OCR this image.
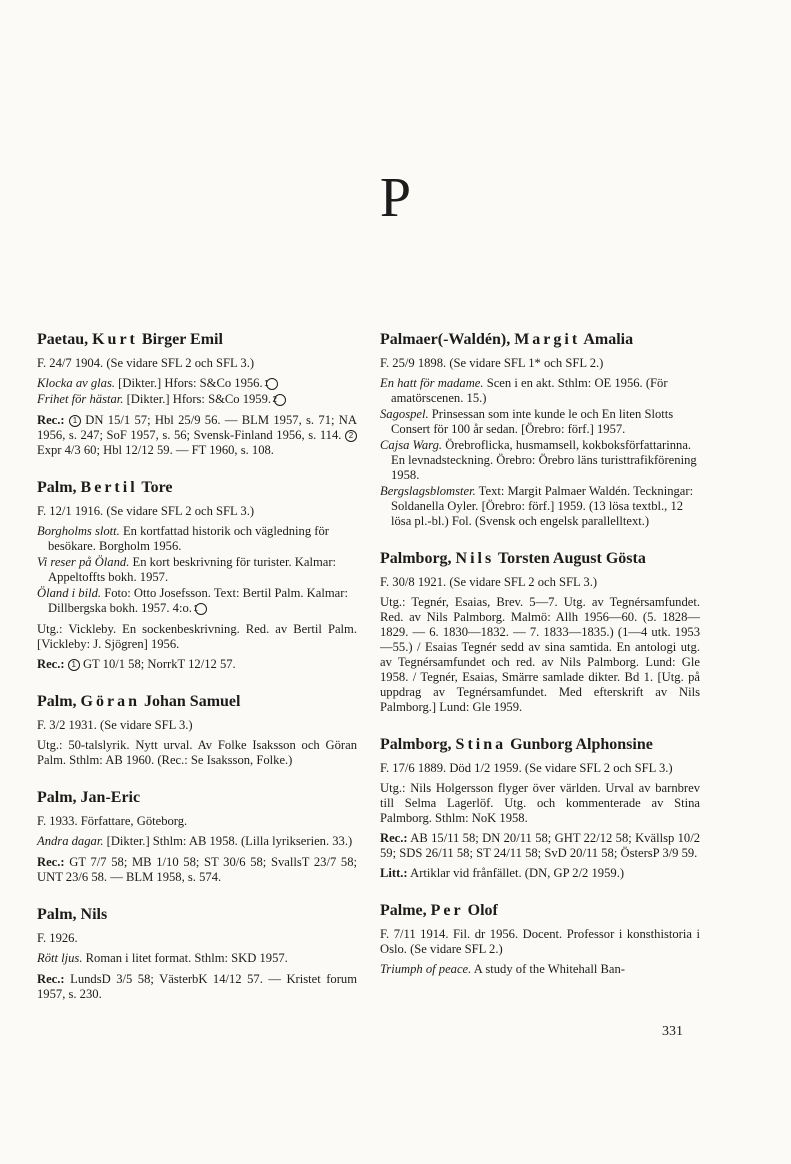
P
Paetau, Kurt Birger Emil

F. 24/7 1904. (Se vidare SFL 2 och SFL 3.)

Klocka av glas. [Dikter.] Hfors: S&Co 1956. 1
Frihet för hästar. [Dikter.] Hfors: S&Co 1959. 2

Rec.: 1 DN 15/1 57; Hbl 25/9 56. — BLM 1957, s. 71; NA 1956, s. 247; SoF 1957, s. 56; Svensk-Finland 1956, s. 114. 2 Expr 4/3 60; Hbl 12/12 59. — FT 1960, s. 108.

Palm, Bertil Tore

F. 12/1 1916. (Se vidare SFL 2 och SFL 3.)

Borgholms slott. En kortfattad historik och vägledning för besökare. Borgholm 1956.
Vi reser på Öland. En kort beskrivning för turister. Kalmar: Appeltoffts bokh. 1957.
Öland i bild. Foto: Otto Josefsson. Text: Bertil Palm. Kalmar: Dillbergska bokh. 1957. 4:o. 1

Utg.: Vickleby. En sockenbeskrivning. Red. av Bertil Palm. [Vickleby: J. Sjögren] 1956.

Rec.: 1 GT 10/1 58; NorrkT 12/12 57.

Palm, Göran Johan Samuel

F. 3/2 1931. (Se vidare SFL 3.)

Utg.: 50-talslyrik. Nytt urval. Av Folke Isaksson och Göran Palm. Sthlm: AB 1960. (Rec.: Se Isaksson, Folke.)

Palm, Jan-Eric

F. 1933. Författare, Göteborg.

Andra dagar. [Dikter.] Sthlm: AB 1958. (Lilla lyrikserien. 33.)

Rec.: GT 7/7 58; MB 1/10 58; ST 30/6 58; SvallsT 23/7 58; UNT 23/6 58. — BLM 1958, s. 574.

Palm, Nils

F. 1926.

Rött ljus. Roman i litet format. Sthlm: SKD 1957.

Rec.: LundsD 3/5 58; VästerbK 14/12 57. — Kristet forum 1957, s. 230.

Palmaer(-Waldén), Margit Amalia

F. 25/9 1898. (Se vidare SFL 1* och SFL 2.)

En hatt för madame. Scen i en akt. Sthlm: OE 1956. (För amatörscenen. 15.)
Sagospel. Prinsessan som inte kunde le och En liten Slotts Consert för 100 år sedan. [Örebro: förf.] 1957.
Cajsa Warg. Örebroflicka, husmamsell, kokboksförfattarinna. En levnadsteckning. Örebro: Örebro läns turisttrafikförening 1958.
Bergslagsblomster. Text: Margit Palmaer Waldén. Teckningar: Soldanella Oyler. [Örebro: förf.] 1959. (13 lösa textbl., 12 lösa pl.-bl.) Fol. (Svensk och engelsk parallelltext.)
Palmborg, Nils Torsten August Gösta

F. 30/8 1921. (Se vidare SFL 2 och SFL 3.)

Utg.: Tegnér, Esaias, Brev. 5—7. Utg. av Tegnérsamfundet. Red. av Nils Palmborg. Malmö: Allh 1956—60. (5. 1828—1829. — 6. 1830—1832. — 7. 1833—1835.) (1—4 utk. 1953—55.) / Esaias Tegnér sedd av sina samtida. En antologi utg. av Tegnérsamfundet och red. av Nils Palmborg. Lund: Gle 1958. / Tegnér, Esaias, Smärre samlade dikter. Bd 1. [Utg. på uppdrag av Tegnérsamfundet. Med efterskrift av Nils Palmborg.] Lund: Gle 1959.

Palmborg, Stina Gunborg Alphonsine

F. 17/6 1889. Död 1/2 1959. (Se vidare SFL 2 och SFL 3.)

Utg.: Nils Holgersson flyger över världen. Urval av barnbrev till Selma Lagerlöf. Utg. och kommenterade av Stina Palmborg. Sthlm: NoK 1958.

Rec.: AB 15/11 58; DN 20/11 58; GHT 22/12 58; Kvällsp 10/2 59; SDS 26/11 58; ST 24/11 58; SvD 20/11 58; ÖstersP 3/9 59.

Litt.: Artiklar vid frånfället. (DN, GP 2/2 1959.)

Palme, Per Olof

F. 7/11 1914. Fil. dr 1956. Docent. Professor i konsthistoria i Oslo. (Se vidare SFL 2.)

Triumph of peace. A study of the Whitehall Ban-
331
